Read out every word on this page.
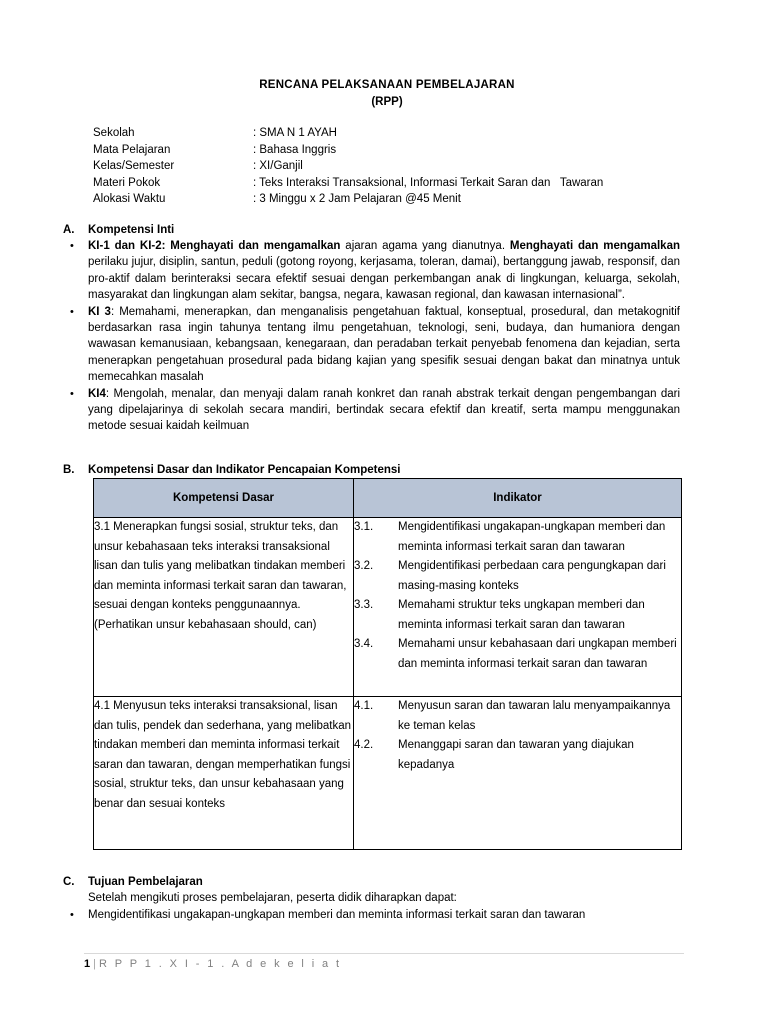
RENCANA PELAKSANAAN PEMBELAJARAN
(RPP)
Sekolah	: SMA N 1 AYAH
Mata Pelajaran	: Bahasa Inggris
Kelas/Semester	: XI/Ganjil
Materi Pokok	: Teks Interaksi Transaksional, Informasi Terkait Saran dan   Tawaran
Alokasi Waktu	: 3 Minggu x 2 Jam Pelajaran @45 Menit
A. Kompetensi Inti
•	KI-1 dan KI-2: Menghayati dan mengamalkan ajaran agama yang dianutnya. Menghayati dan mengamalkan perilaku jujur, disiplin, santun, peduli (gotong royong, kerjasama, toleran, damai), bertanggung jawab, responsif, dan pro-aktif dalam berinteraksi secara efektif sesuai dengan perkembangan anak di lingkungan, keluarga, sekolah, masyarakat dan lingkungan alam sekitar, bangsa, negara, kawasan regional, dan kawasan internasional”.
•	KI 3: Memahami, menerapkan, dan menganalisis pengetahuan faktual, konseptual, prosedural, dan metakognitif berdasarkan rasa ingin tahunya tentang ilmu pengetahuan, teknologi, seni, budaya, dan humaniora dengan wawasan kemanusiaan, kebangsaan, kenegaraan, dan peradaban terkait penyebab fenomena dan kejadian, serta menerapkan pengetahuan prosedural pada bidang kajian yang spesifik sesuai dengan bakat dan minatnya untuk memecahkan masalah
•	KI4: Mengolah, menalar, dan menyaji dalam ranah konkret dan ranah abstrak terkait dengan pengembangan dari yang dipelajarinya di sekolah secara mandiri, bertindak secara efektif dan kreatif, serta mampu menggunakan metode sesuai kaidah keilmuan
B. Kompetensi Dasar dan Indikator Pencapaian Kompetensi
Kompetensi Dasar	Indikator
3.1 Menerapkan fungsi sosial, struktur teks, dan unsur kebahasaan teks interaksi transaksional lisan dan tulis yang melibatkan tindakan memberi dan meminta informasi terkait saran dan tawaran, sesuai dengan konteks penggunaannya. (Perhatikan unsur kebahasaan should, can)	
3.1.	Mengidentifikasi ungakapan-ungkapan memberi dan meminta informasi terkait saran dan tawaran
3.2.	Mengidentifikasi perbedaan cara pengungkapan dari masing-masing konteks
3.3.	Memahami struktur teks ungkapan memberi dan meminta informasi terkait saran dan tawaran
3.4.	Memahami unsur kebahasaan dari ungkapan memberi dan meminta informasi terkait saran dan tawaran

4.1 Menyusun teks interaksi transaksional, lisan dan tulis, pendek dan sederhana, yang melibatkan tindakan memberi dan meminta informasi terkait saran dan tawaran, dengan memperhatikan fungsi sosial, struktur teks, dan unsur kebahasaan yang benar dan sesuai konteks	
4.1.	Menyusun saran dan tawaran lalu menyampaikannya ke teman kelas
4.2.	Menanggapi saran dan tawaran yang diajukan kepadanya
C. Tujuan Pembelajaran
Setelah mengikuti proses pembelajaran, peserta didik diharapkan dapat:
•	Mengidentifikasi ungakapan-ungkapan memberi dan meminta informasi terkait saran dan tawaran
1 | R P P 1 . X I - 1 . A d e k e l i a t
